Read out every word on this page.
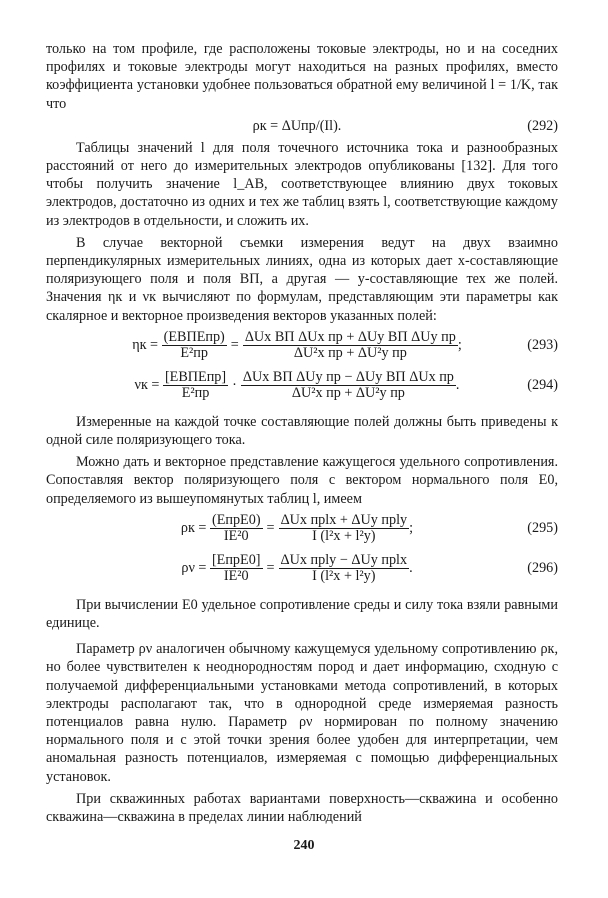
только на том профиле, где расположены токовые электроды, но и на соседних профилях и токовые электроды могут находиться на разных профилях, вместо коэффициента установки удобнее пользоваться обратной ему величиной l = 1/K, так что

ρк = ΔUпр/(Il).	(292)

Таблицы значений l для поля точечного источника тока и разнообразных расстояний от него до измерительных электродов опубликованы [132]. Для того чтобы получить значение l_AB, соответствующее влиянию двух токовых электродов, достаточно из одних и тех же таблиц взять l, соответствующие каждому из электродов в отдельности, и сложить их.

В случае векторной съемки измерения ведут на двух взаимно перпендикулярных измерительных линиях, одна из которых дает x-составляющие поляризующего поля и поля ВП, а другая — y-составляющие тех же полей. Значения ηк и νк вычисляют по формулам, представляющим эти параметры как скалярное и векторное произведения векторов указанных полей:

ηк = (EВПEпр)
E²пр
= ΔUx ВП ΔUx пр + ΔUy ВП ΔUy пр
ΔU²x пр + ΔU²y пр
;	(293)
νк = [EВПEпр]
E²пр
· ΔUx ВП ΔUy пр − ΔUy ВП ΔUx пр
ΔU²x пр + ΔU²y пр
.	(294)

Измеренные на каждой точке составляющие полей должны быть приведены к одной силе поляризующего тока.

Можно дать и векторное представление кажущегося удельного сопротивления. Сопоставляя вектор поляризующего поля с вектором нормального поля E0, определяемого из вышеупомянутых таблиц l, имеем

ρк = (EпрE0)
IE²0
= ΔUx прlx + ΔUy прly
I (l²x + l²y)
;	(295)
ρν = [EпрE0]
IE²0
= ΔUx прly − ΔUy прlx
I (l²x + l²y)
.	(296)

При вычислении E0 удельное сопротивление среды и силу тока взяли равными единице.

Параметр ρν аналогичен обычному кажущемуся удельному сопротивлению ρк, но более чувствителен к неоднородностям пород и дает информацию, сходную с получаемой дифференциальными установками метода сопротивлений, в которых электроды располагают так, что в однородной среде измеряемая разность потенциалов равна нулю. Параметр ρν нормирован по полному значению нормального поля и с этой точки зрения более удобен для интерпретации, чем аномальная разность потенциалов, измеряемая с помощью дифференциальных установок.

При скважинных работах вариантами поверхность—скважина и особенно скважина—скважина в пределах линии наблюдений

240
